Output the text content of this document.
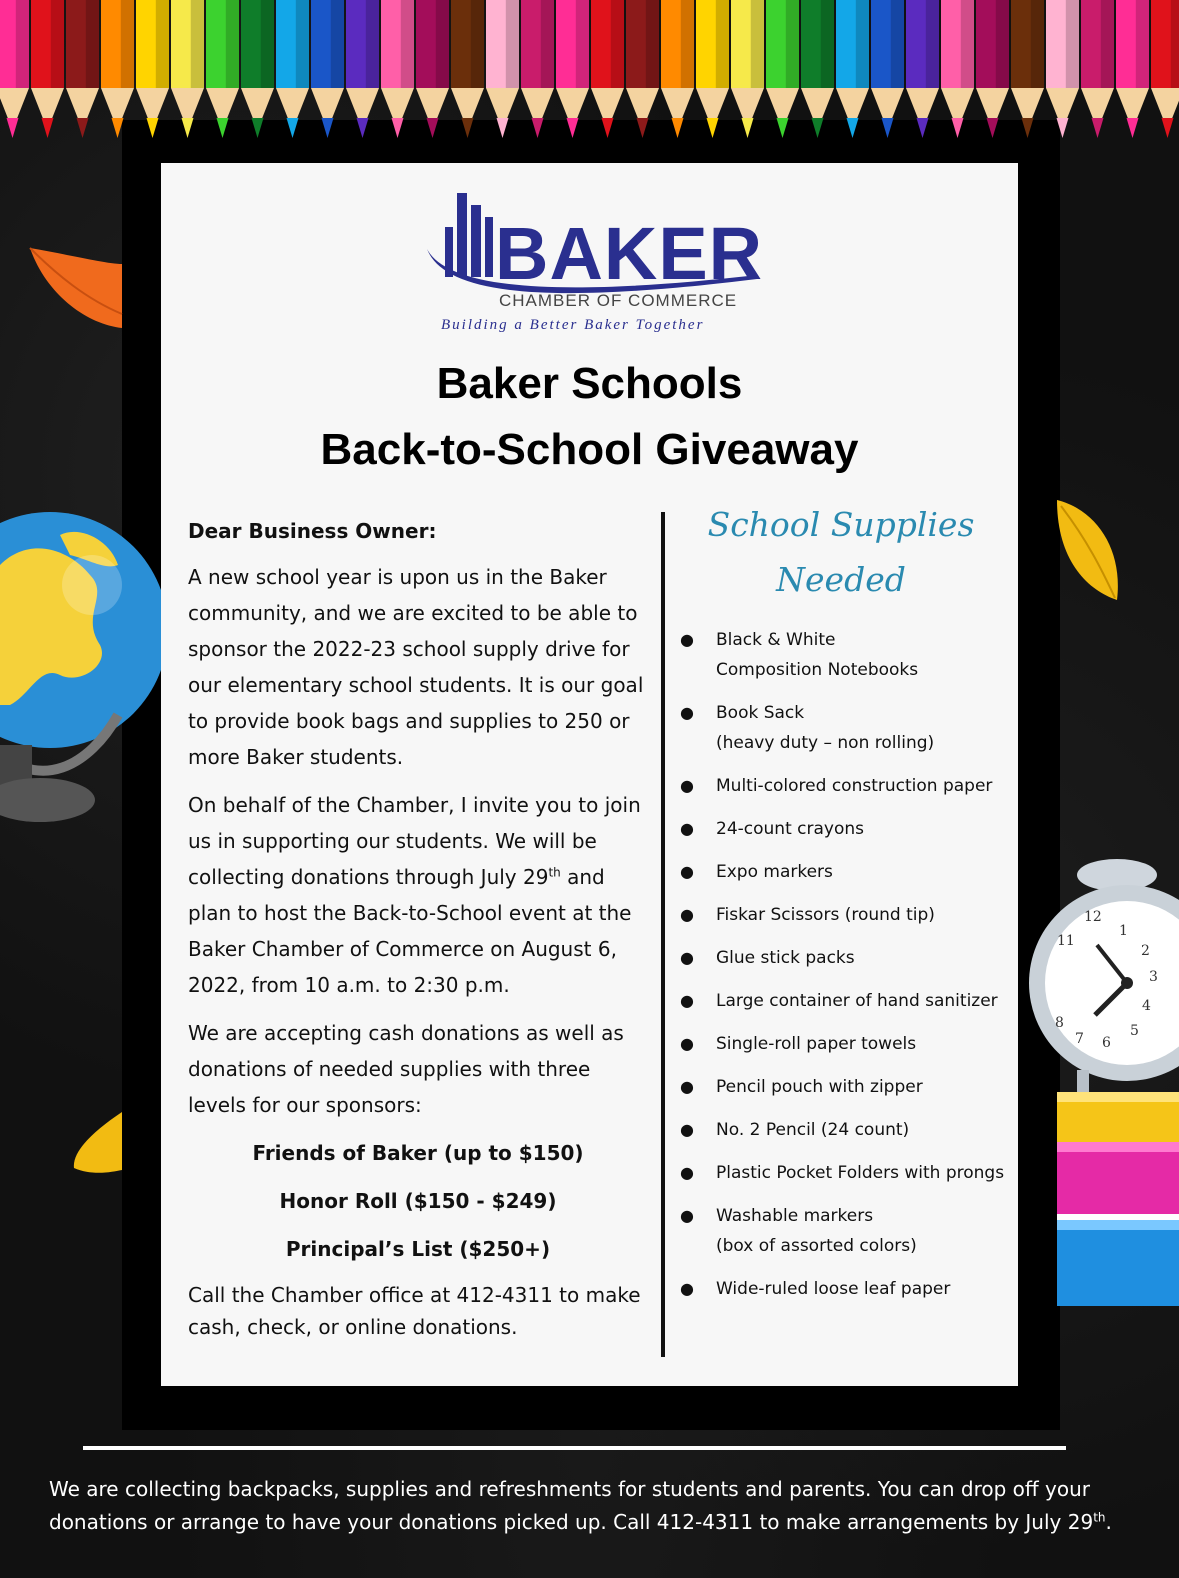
12
1
2
3
4
5
6
7
8
11
BAKER
CHAMBER OF COMMERCE
Building a Better Baker Together
Baker Schools
Back-to-School Giveaway

Dear Business Owner:

A new school year is upon us in the Baker community, and we are excited to be able to sponsor the 2022-23 school supply drive for our elementary school students. It is our goal to provide book bags and supplies to 250 or more Baker students.

On behalf of the Chamber, I invite you to join us in supporting our students. We will be collecting donations through July 29th and plan to host the Back-to-School event at the Baker Chamber of Commerce on August 6, 2022, from 10 a.m. to 2:30 p.m.

We are accepting cash donations as well as donations of needed supplies with three levels for our sponsors:

Friends of Baker (up to $150)

Honor Roll ($150 - $249)

Principal’s List ($250+)

Call the Chamber office at 412-4311 to make cash, check, or online donations.

School Supplies
Needed
● Black & White
Composition Notebooks
● Book Sack
(heavy duty – non rolling)
● Multi-colored construction paper
● 24-count crayons
● Expo markers
● Fiskar Scissors (round tip)
● Glue stick packs
● Large container of hand sanitizer
● Single-roll paper towels
● Pencil pouch with zipper
● No. 2 Pencil (24 count)
● Plastic Pocket Folders with prongs
● Washable markers
(box of assorted colors)
● Wide-ruled loose leaf paper
We are collecting backpacks, supplies and refreshments for students and parents. You can drop off your donations or arrange to have your donations picked up. Call 412-4311 to make arrangements by July 29th.
